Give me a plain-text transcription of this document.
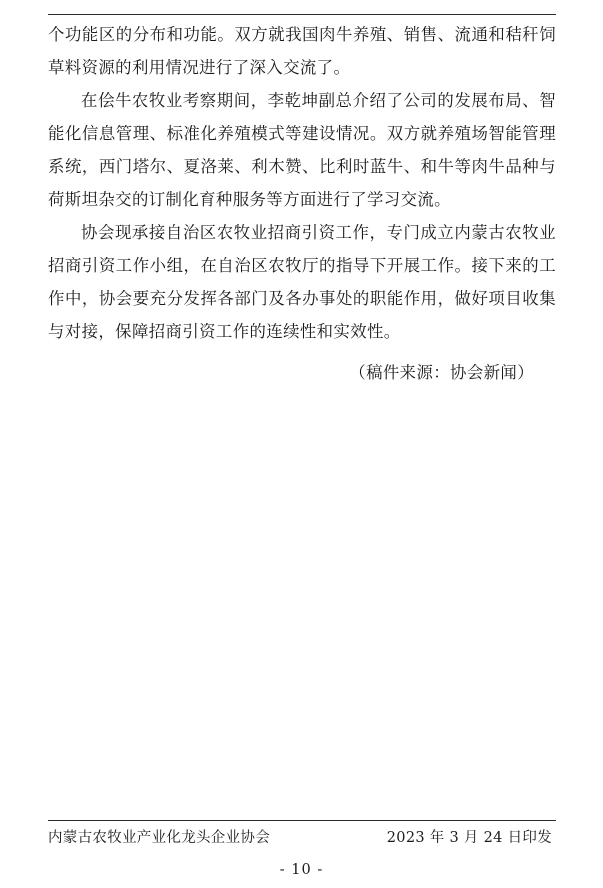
个功能区的分布和功能。双方就我国肉牛养殖、销售、流通和秸秆饲草料资源的利用情况进行了深入交流了。

在侩牛农牧业考察期间，李乾坤副总介绍了公司的发展布局、智能化信息管理、标准化养殖模式等建设情况。双方就养殖场智能管理系统，西门塔尔、夏洛莱、利木赞、比利时蓝牛、和牛等肉牛品种与荷斯坦杂交的订制化育种服务等方面进行了学习交流。

协会现承接自治区农牧业招商引资工作，专门成立内蒙古农牧业招商引资工作小组，在自治区农牧厅的指导下开展工作。接下来的工作中，协会要充分发挥各部门及各办事处的职能作用，做好项目收集与对接，保障招商引资工作的连续性和实效性。

（稿件来源：协会新闻）
内蒙古农牧业产业化龙头企业协会	2023 年 3 月 24 日印发
- 10 -
